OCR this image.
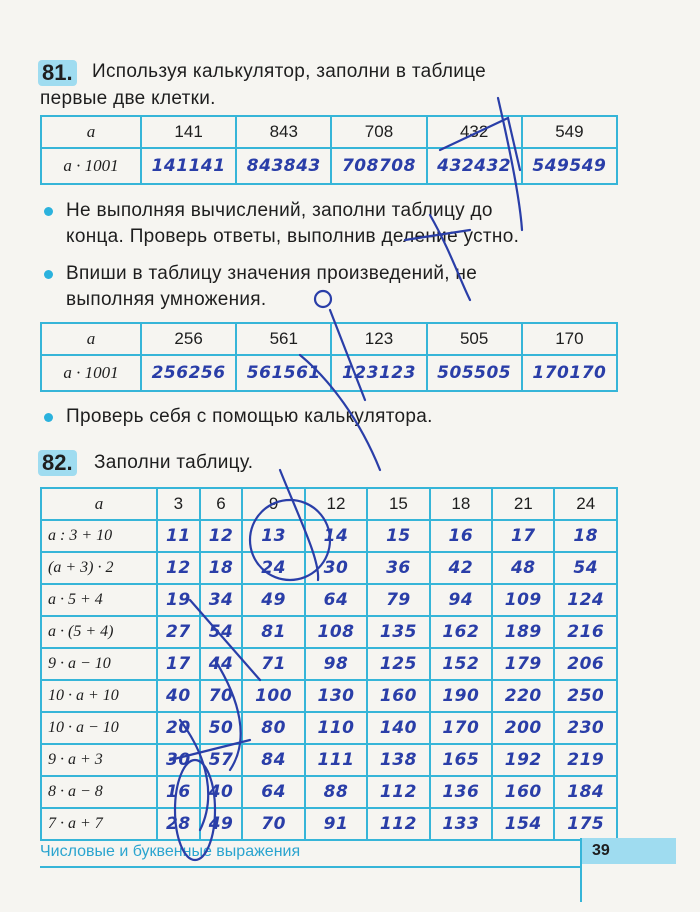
81. Используя калькулятор, заполни в таблице
первые две клетки.
a	141	843	708	432	549
a · 1001	141141	843843	708708	432432	549549
Не выполняя вычислений, заполни таблицу до
конца. Проверь ответы, выполнив деление устно.
Впиши в таблицу значения произведений, не
выполняя умножения.
a	256	561	123	505	170
a · 1001	256256	561561	123123	505505	170170
Проверь себя с помощью калькулятора.
82. Заполни таблицу.
a	3	6	9	12	15	18	21	24
a : 3 + 10	11	12	13	14	15	16	17	18
(a + 3) · 2	12	18	24	30	36	42	48	54
a · 5 + 4	19	34	49	64	79	94	109	124
a · (5 + 4)	27	54	81	108	135	162	189	216
9 · a − 10	17	44	71	98	125	152	179	206
10 · a + 10	40	70	100	130	160	190	220	250
10 · a − 10	20	50	80	110	140	170	200	230
9 · a + 3	30	57	84	111	138	165	192	219
8 · a − 8	16	40	64	88	112	136	160	184
7 · a + 7	28	49	70	91	112	133	154	175
Числовые и буквенные выражения	39
